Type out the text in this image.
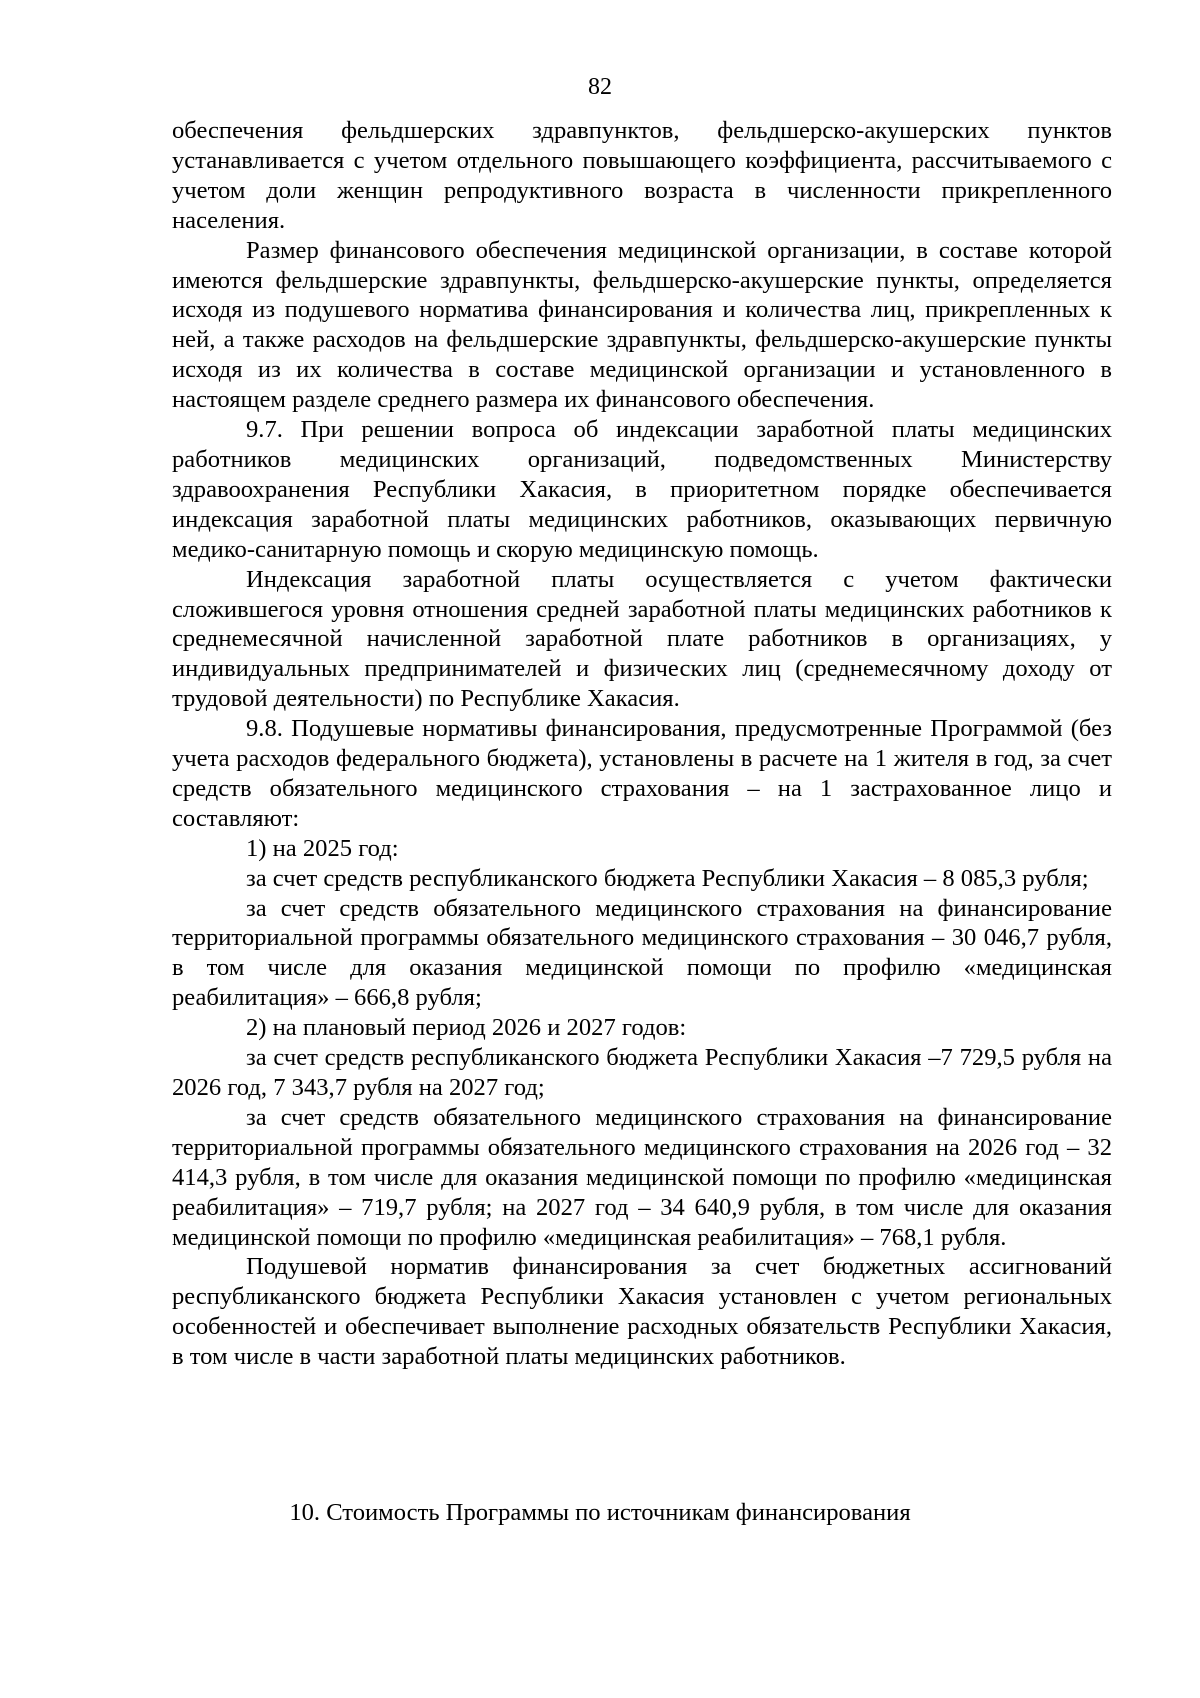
82

обеспечения фельдшерских здравпунктов, фельдшерско-акушерских пунктов устанавливается с учетом отдельного повышающего коэффициента, рассчитываемого с учетом доли женщин репродуктивного возраста в численности прикрепленного населения.

Размер финансового обеспечения медицинской организации, в составе которой имеются фельдшерские здравпункты, фельдшерско-акушерские пункты, определяется исходя из подушевого норматива финансирования и количества лиц, прикрепленных к ней, а также расходов на фельдшерские здравпункты, фельдшерско-акушерские пункты исходя из их количества в составе медицинской организации и установленного в настоящем разделе среднего размера их финансового обеспечения.

9.7. При решении вопроса об индексации заработной платы медицинских работников медицинских организаций, подведомственных Министерству здравоохранения Республики Хакасия, в приоритетном порядке обеспечивается индексация заработной платы медицинских работников, оказывающих первичную медико-санитарную помощь и скорую медицинскую помощь.

Индексация заработной платы осуществляется с учетом фактически сложившегося уровня отношения средней заработной платы медицинских работников к среднемесячной начисленной заработной плате работников в организациях, у индивидуальных предпринимателей и физических лиц (среднемесячному доходу от трудовой деятельности) по Республике Хакасия.

9.8. Подушевые нормативы финансирования, предусмотренные Программой (без учета расходов федерального бюджета), установлены в расчете на 1 жителя в год, за счет средств обязательного медицинского страхования – на 1 застрахованное лицо и составляют:

1) на 2025 год:

за счет средств республиканского бюджета Республики Хакасия – 8 085,3 рубля;

за счет средств обязательного медицинского страхования на финансирование территориальной программы обязательного медицинского страхования – 30 046,7 рубля, в том числе для оказания медицинской помощи по профилю «медицинская реабилитация» – 666,8 рубля;

2) на плановый период 2026 и 2027 годов:

за счет средств республиканского бюджета Республики Хакасия –7 729,5 рубля на 2026 год, 7 343,7 рубля на 2027 год;

за счет средств обязательного медицинского страхования на финансирование территориальной программы обязательного медицинского страхования на 2026 год – 32 414,3 рубля, в том числе для оказания медицинской помощи по профилю «медицинская реабилитация» – 719,7 рубля; на 2027 год – 34 640,9 рубля, в том числе для оказания медицинской помощи по профилю «медицинская реабилитация» – 768,1 рубля.

Подушевой норматив финансирования за счет бюджетных ассигнований республиканского бюджета Республики Хакасия установлен с учетом региональных особенностей и обеспечивает выполнение расходных обязательств Республики Хакасия, в том числе в части заработной платы медицинских работников.

10. Стоимость Программы по источникам финансирования
